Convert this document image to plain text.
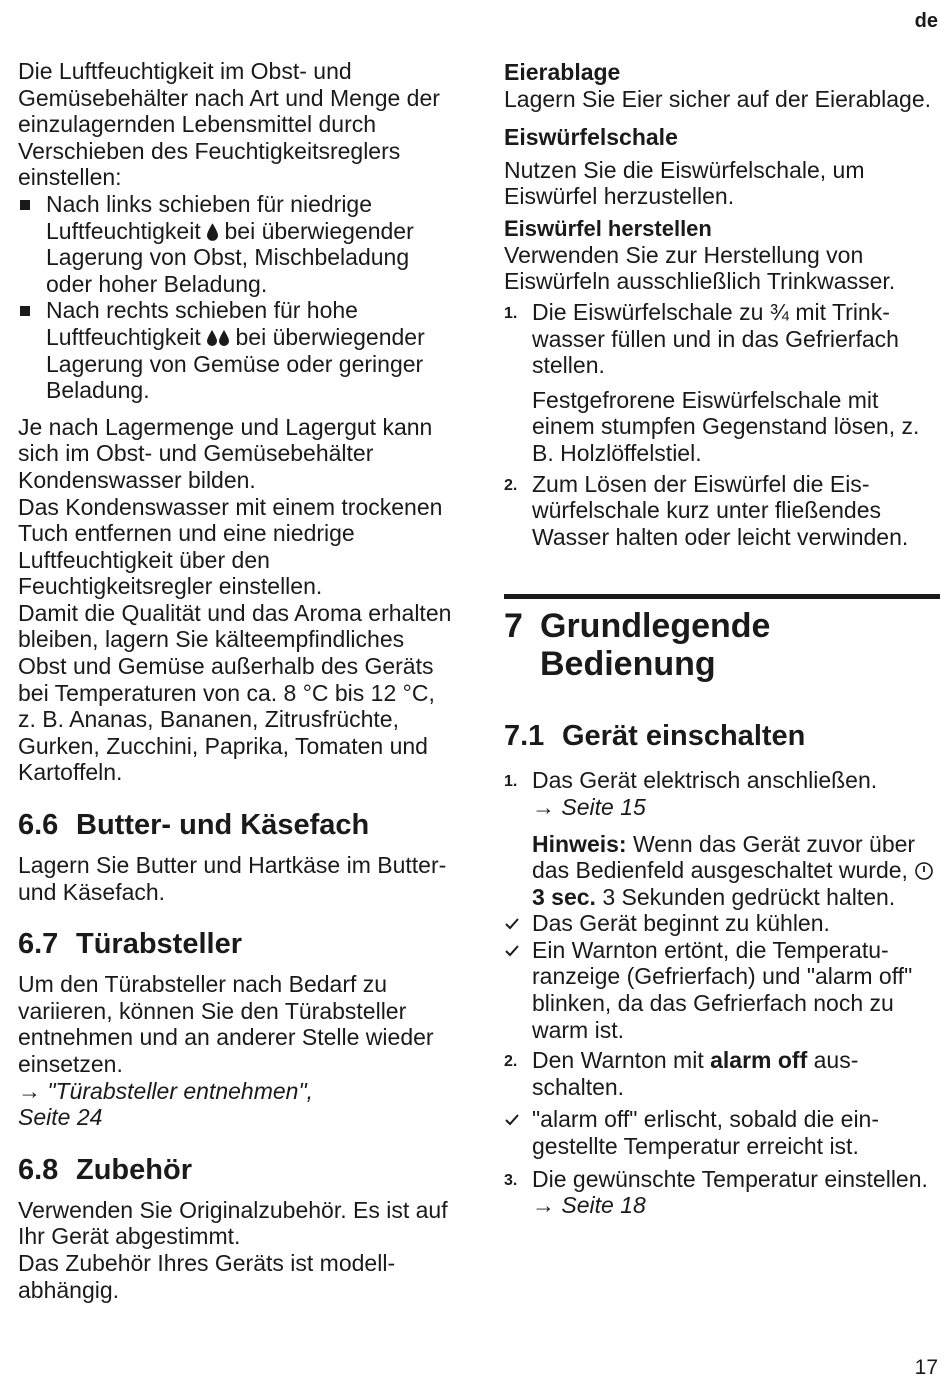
de

Die Luftfeuchtigkeit im Obst- und Gemüsebehälter nach Art und Menge der einzulagernden Lebensmittel durch Verschieben des Feuchtigkeitsreglers einstellen:

Nach links schieben für niedrige Luftfeuchtigkeit bei überwiegender Lagerung von Obst, Mischbeladung oder hoher Beladung.
Nach rechts schieben für hohe Luftfeuchtigkeit bei überwiegender Lagerung von Gemüse oder geringer Beladung.

Je nach Lagermenge und Lagergut kann sich im Obst- und Gemüsebehälter Kondenswasser bilden.

Das Kondenswasser mit einem trockenen Tuch entfernen und eine niedrige Luftfeuchtigkeit über den Feuchtigkeitsregler einstellen.

Damit die Qualität und das Aroma erhalten bleiben, lagern Sie kälteempfindliches Obst und Gemüse außerhalb des Geräts bei Temperaturen von ca. 8 °C bis 12 °C, z. B. Ananas, Bananen, Zitrusfrüchte, Gurken, Zucchini, Paprika, Tomaten und Kartoffeln.

6.6 Butter- und Käsefach

Lagern Sie Butter und Hartkäse im Butter- und Käsefach.

6.7 Türabsteller

Um den Türabsteller nach Bedarf zu variieren, können Sie den Türabsteller entnehmen und an anderer Stelle wieder einsetzen.

→ "Türabsteller entnehmen",
Seite 24

6.8 Zubehör

Verwenden Sie Originalzubehör. Es ist auf Ihr Gerät abgestimmt.

Das Zubehör Ihres Geräts ist modellabhängig.

Eierablage

Lagern Sie Eier sicher auf der Eierablage.

Eiswürfelschale

Nutzen Sie die Eiswürfelschale, um Eiswürfel herzustellen.

Eiswürfel herstellen

Verwenden Sie zur Herstellung von Eiswürfeln ausschließlich Trinkwasser.

1. Die Eiswürfelschale zu ¾ mit Trinkwasser füllen und in das Gefrierfach stellen.
Festgefrorene Eiswürfelschale mit einem stumpfen Gegenstand lösen, z. B. Holzlöffelstiel.
2. Zum Lösen der Eiswürfel die Eiswürfelschale kurz unter fließendes Wasser halten oder leicht verwinden.
7 Grundlegende
Bedienung
7.1 Gerät einschalten
1. Das Gerät elektrisch anschließen.
→ Seite 15
Hinweis: Wenn das Gerät zuvor über das Bedienfeld ausgeschaltet wurde,  3 sec. 3 Sekunden gedrückt halten.
Das Gerät beginnt zu kühlen.
Ein Warnton ertönt, die Temperaturanzeige (Gefrierfach) und "alarm off" blinken, da das Gefrierfach noch zu warm ist.
2. Den Warnton mit alarm off ausschalten.
"alarm off" erlischt, sobald die eingestellte Temperatur erreicht ist.
3. Die gewünschte Temperatur einstellen. → Seite 18
17
